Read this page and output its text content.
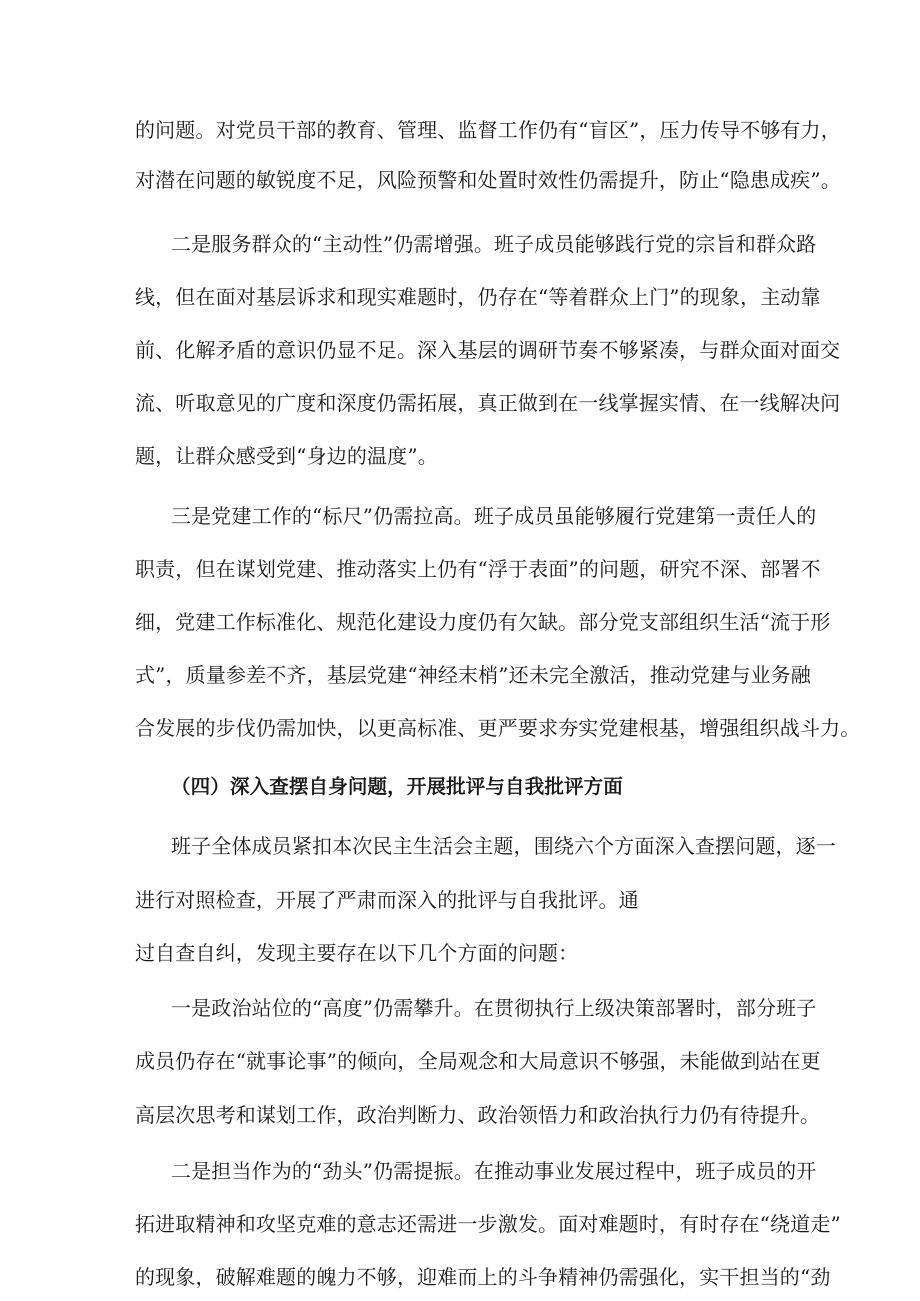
的问题。对党员干部的教育、管理、监督工作仍有“盲区”，压力传导不够有力，
对潜在问题的敏锐度不足，风险预警和处置时效性仍需提升，防止“隐患成疾”。
二是服务群众的“主动性”仍需增强。班子成员能够践行党的宗旨和群众路
线，但在面对基层诉求和现实难题时，仍存在“等着群众上门”的现象，主动靠
前、化解矛盾的意识仍显不足。深入基层的调研节奏不够紧凑，与群众面对面交
流、听取意见的广度和深度仍需拓展，真正做到在一线掌握实情、在一线解决问
题，让群众感受到“身边的温度”。
三是党建工作的“标尺”仍需拉高。班子成员虽能够履行党建第一责任人的
职责，但在谋划党建、推动落实上仍有“浮于表面”的问题，研究不深、部署不
细，党建工作标准化、规范化建设力度仍有欠缺。部分党支部组织生活“流于形
式”，质量参差不齐，基层党建“神经末梢”还未完全激活，推动党建与业务融
合发展的步伐仍需加快，以更高标准、更严要求夯实党建根基，增强组织战斗力。
（四）深入查摆自身问题，开展批评与自我批评方面
班子全体成员紧扣本次民主生活会主题，围绕六个方面深入查摆问题，逐一
进行对照检查，开展了严肃而深入的批评与自我批评。通
过自查自纠，发现主要存在以下几个方面的问题：
一是政治站位的“高度”仍需攀升。在贯彻执行上级决策部署时，部分班子
成员仍存在“就事论事”的倾向，全局观念和大局意识不够强，未能做到站在更
高层次思考和谋划工作，政治判断力、政治领悟力和政治执行力仍有待提升。
二是担当作为的“劲头”仍需提振。在推动事业发展过程中，班子成员的开
拓进取精神和攻坚克难的意志还需进一步激发。面对难题时，有时存在“绕道走”
的现象，破解难题的魄力不够，迎难而上的斗争精神仍需强化，实干担当的“劲
